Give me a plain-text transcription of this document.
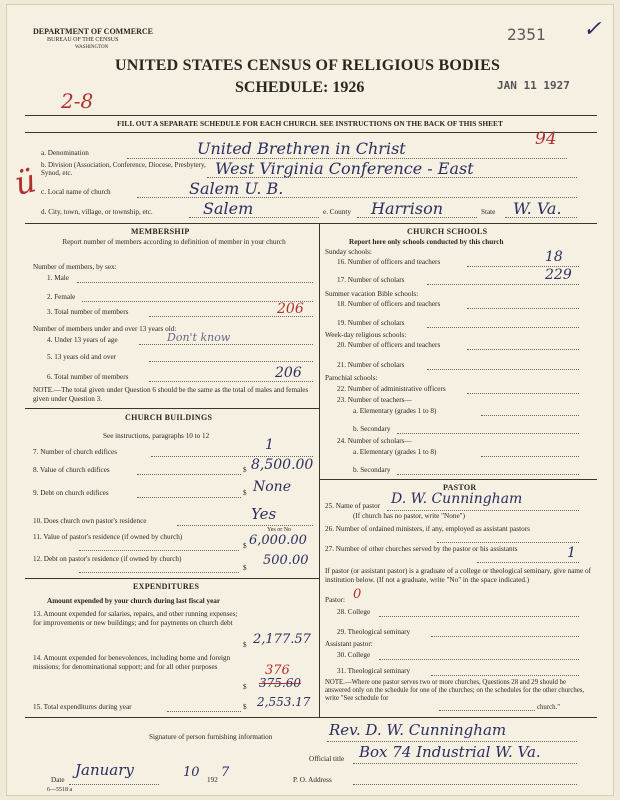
DEPARTMENT OF COMMERCE
BUREAU OF THE CENSUS
WASHINGTON
2351 ✓
UNITED STATES CENSUS OF RELIGIOUS BODIES
SCHEDULE: 1926
2-8
JAN 11 1927
FILL OUT A SEPARATE SCHEDULE FOR EACH CHURCH. SEE INSTRUCTIONS ON THE BACK OF THIS SHEET
a. Denomination	United Brethren in Christ	94
b. Division (Association, Conference, Diocese, Presbytery, Synod, etc.	West Virginia Conference - East
c. Local name of church	Salem U. B.
ü
d. City, town, village, or township, etc.	Salem	e. County Harrison	State W. Va.
MEMBERSHIP
Report number of members according to definition of member in your church
Number of members, by sex:
1. Male
2. Female
3. Total number of members	206
Number of members under and over 13 years old:
4. Under 13 years of age	Don't know
5. 13 years old and over
6. Total number of members	206
NOTE.—The total given under Question 6 should be the same as the total of males and females given under Question 3.
CHURCH BUILDINGS
See instructions, paragraphs 10 to 12
7. Number of church edifices	1
8. Value of church edifices	$ 8,500.00
9. Debt on church edifices	$ None
10. Does church own pastor's residence	Yes
Yes or No
11. Value of pastor's residence (if owned by church)
$ 6,000.00
12. Debt on pastor's residence (if owned by church)
$ 500.00
EXPENDITURES
Amount expended by your church during last fiscal year
13. Amount expended for salaries, repairs, and other running expenses; for improvements or new buildings; and for payments on church debt
$ 2,177.57
14. Amount expended for benevolences, including home and foreign missions; for denominational support; and for all other purposes	376
$ 375.60
15. Total expenditures during year	$ 2,553.17
CHURCH SCHOOLS
Report here only schools conducted by this church
Sunday schools:
16. Number of officers and teachers	18
17. Number of scholars	229
Summer vacation Bible schools:
18. Number of officers and teachers
19. Number of scholars
Week-day religious schools:
20. Number of officers and teachers
21. Number of scholars
Parochial schools:
22. Number of administrative officers
23. Number of teachers—
a. Elementary (grades 1 to 8)
b. Secondary
24. Number of scholars—
a. Elementary (grades 1 to 8)
b. Secondary
PASTOR
25. Name of pastor D. W. Cunningham
(If church has no pastor, write "None")
26. Number of ordained ministers, if any, employed as assistant pastors
27. Number of other churches served by the pastor or his assistants	1
If pastor (or assistant pastor) is a graduate of a college or theological seminary, give name of institution below. (If not a graduate, write "No" in the space indicated.)
Pastor: 0
28. College
29. Theological seminary
Assistant pastor:
30. College
31. Theological seminary
NOTE.—Where one pastor serves two or more churches, Questions 28 and 29 should be answered only on the schedule for one of the churches; on the schedules for the other churches, write "See schedule for
church."
Signature of person furnishing information	Rev. D. W. Cunningham
Official title Box 74 Industrial W. Va.
Date
January	10 192 7	P. O. Address
6—5518 a
